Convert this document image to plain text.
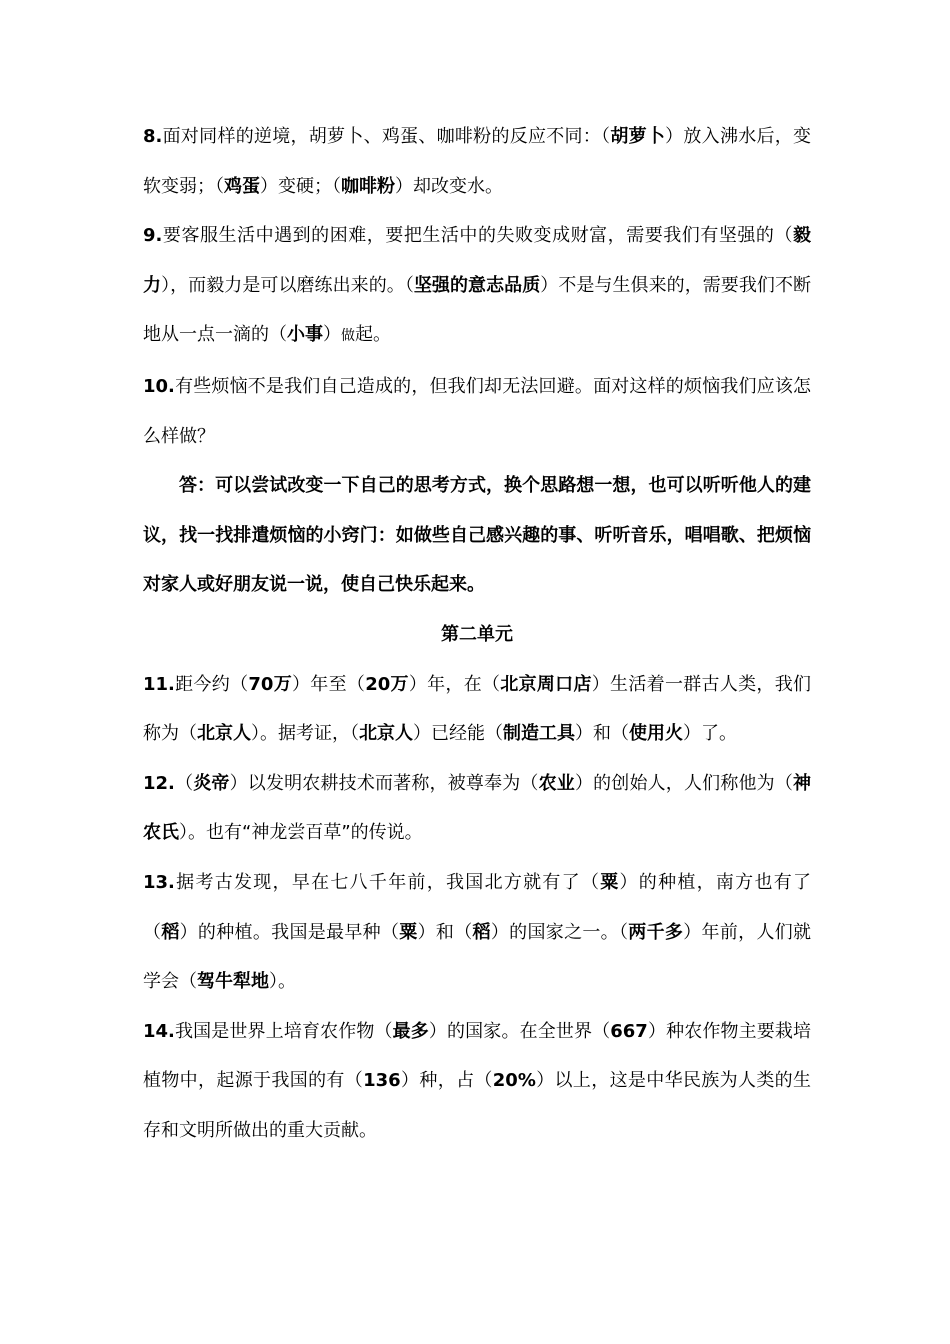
8.面对同样的逆境，胡萝卜、鸡蛋、咖啡粉的反应不同：（胡萝卜）放入沸水后，变软变弱；（鸡蛋）变硬；（咖啡粉）却改变水。

9.要客服生活中遇到的困难，要把生活中的失败变成财富，需要我们有坚强的（毅力），而毅力是可以磨练出来的。（坚强的意志品质）不是与生俱来的，需要我们不断地从一点一滴的（小事）做起。

10.有些烦恼不是我们自己造成的，但我们却无法回避。面对这样的烦恼我们应该怎么样做？

答：可以尝试改变一下自己的思考方式，换个思路想一想，也可以听听他人的建议，找一找排遣烦恼的小窍门：如做些自己感兴趣的事、听听音乐，唱唱歌、把烦恼对家人或好朋友说一说，使自己快乐起来。

第二单元

11.距今约（70万）年至（20万）年，在（北京周口店）生活着一群古人类，我们称为（北京人）。据考证，（北京人）已经能（制造工具）和（使用火）了。

12.（炎帝）以发明农耕技术而著称，被尊奉为（农业）的创始人，人们称他为（神农氏）。也有“神龙尝百草”的传说。

13.据考古发现，早在七八千年前，我国北方就有了（粟）的种植，南方也有了（稻）的种植。我国是最早种（粟）和（稻）的国家之一。（两千多）年前，人们就学会（驾牛犁地）。

14.我国是世界上培育农作物（最多）的国家。在全世界（667）种农作物主要栽培植物中，起源于我国的有（136）种，占（20%）以上，这是中华民族为人类的生存和文明所做出的重大贡献。
